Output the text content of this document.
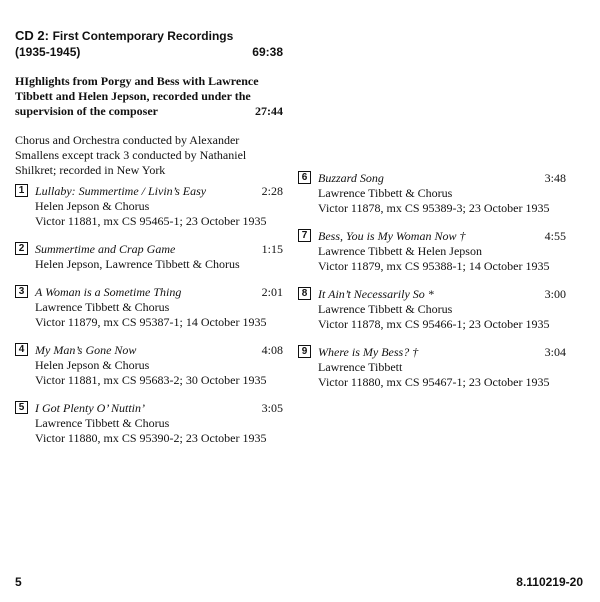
CD 2: First Contemporary Recordings
(1935-1945)	69:38
HIghlights from Porgy and Bess with Lawrence
Tibbett and Helen Jepson, recorded under the
supervision of the composer	27:44
Chorus and Orchestra conducted by Alexander
Smallens except track 3 conducted by Nathaniel
Shilkret; recorded in New York
1 Lullaby: Summertime / Livin’s Easy	2:28
Helen Jepson & Chorus
Victor 11881, mx CS 95465-1; 23 October 1935
2 Summertime and Crap Game	1:15
Helen Jepson, Lawrence Tibbett & Chorus
3 A Woman is a Sometime Thing	2:01
Lawrence Tibbett & Chorus
Victor 11879, mx CS 95387-1; 14 October 1935
4 My Man’s Gone Now	4:08
Helen Jepson & Chorus
Victor 11881, mx CS 95683-2; 30 October 1935
5 I Got Plenty O’ Nuttin’	3:05
Lawrence Tibbett & Chorus
Victor 11880, mx CS 95390-2; 23 October 1935
6 Buzzard Song	3:48
Lawrence Tibbett & Chorus
Victor 11878, mx CS 95389-3; 23 October 1935
7 Bess, You is My Woman Now †	4:55
Lawrence Tibbett & Helen Jepson
Victor 11879, mx CS 95388-1; 14 October 1935
8 It Ain’t Necessarily So *	3:00
Lawrence Tibbett & Chorus
Victor 11878, mx CS 95466-1; 23 October 1935
9 Where is My Bess? †	3:04
Lawrence Tibbett
Victor 11880, mx CS 95467-1; 23 October 1935
5	8.110219-20
